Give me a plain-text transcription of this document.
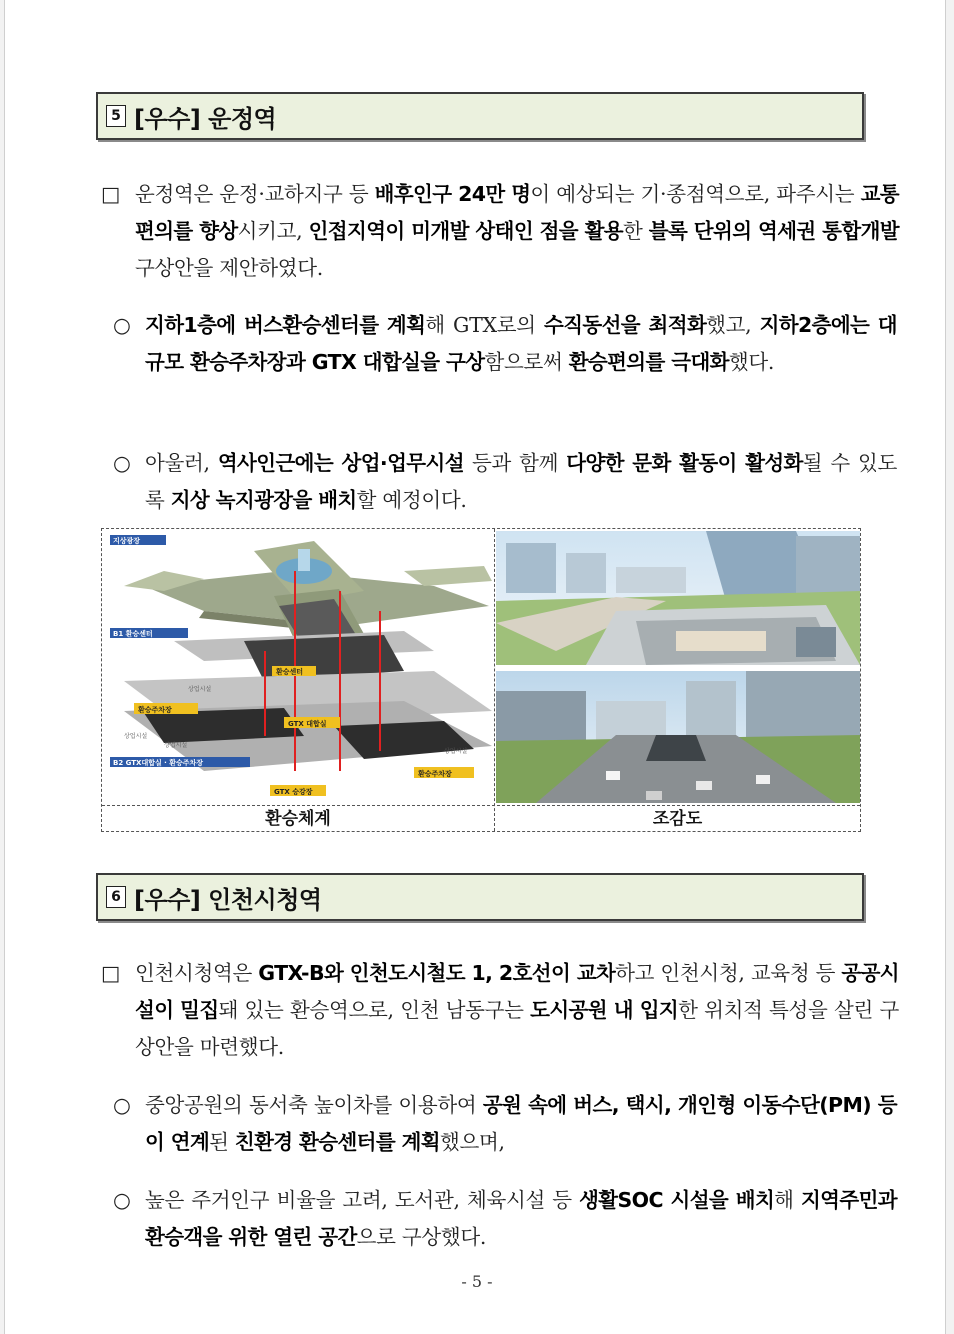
5 [우수] 운정역

□ 운정역은 운정·교하지구 등 배후인구 24만 명이 예상되는 기·종점역으로, 파주시는 교통편의를 향상시키고, 인접지역이 미개발 상태인 점을 활용한 블록 단위의 역세권 통합개발 구상안을 제안하였다.

○ 지하1층에 버스환승센터를 계획해 GTX로의 수직동선을 최적화했고, 지하2층에는 대규모 환승주차장과 GTX 대합실을 구상함으로써 환승편의를 극대화했다.

○ 아울러, 역사인근에는 상업·업무시설 등과 함께 다양한 문화 활동이 활성화될 수 있도록 지상 녹지광장을 배치할 예정이다.

지상광장
B1 환승센터
환승센터
환승주차장
GTX 대합실
B2 GTX대합실 · 환승주차장
환승주차장
GTX 승강장
상업시설
상업시설
상업시설
상업시설
환승체계	조감도
6 [우수] 인천시청역

□ 인천시청역은 GTX-B와 인천도시철도 1, 2호선이 교차하고 인천시청, 교육청 등 공공시설이 밀집돼 있는 환승역으로, 인천 남동구는 도시공원 내 입지한 위치적 특성을 살린 구상안을 마련했다.

○ 중앙공원의 동서축 높이차를 이용하여 공원 속에 버스, 택시, 개인형 이동수단(PM) 등이 연계된 친환경 환승센터를 계획했으며,

○ 높은 주거인구 비율을 고려, 도서관, 체육시설 등 생활SOC 시설을 배치해 지역주민과 환승객을 위한 열린 공간으로 구상했다.

- 5 -
